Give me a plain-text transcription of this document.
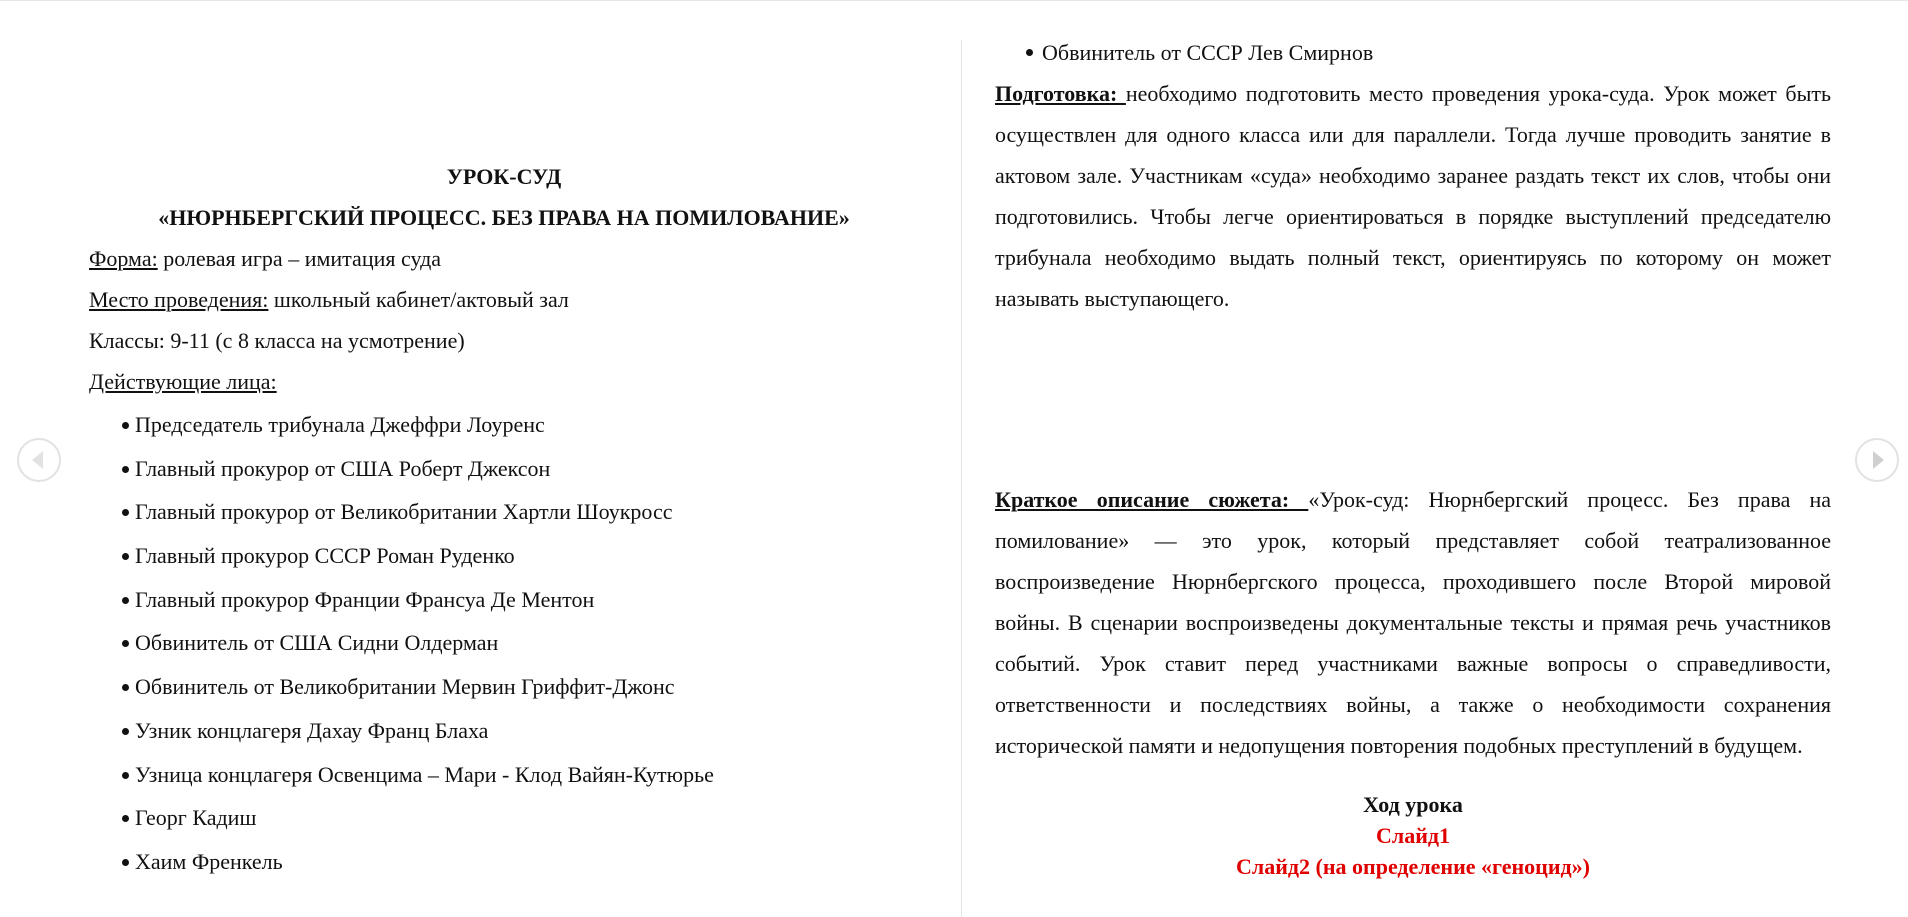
УРОК-СУД

«НЮРНБЕРГСКИЙ ПРОЦЕСС. БЕЗ ПРАВА НА ПОМИЛОВАНИЕ»

Форма: ролевая игра – имитация суда

Место проведения: школьный кабинет/актовый зал

Классы: 9-11 (с 8 класса на усмотрение)

Действующие лица:

Председатель трибунала Джеффри Лоуренс
Главный прокурор от США Роберт Джексон
Главный прокурор от Великобритании Хартли Шоукросс
Главный прокурор СССР Роман Руденко
Главный прокурор Франции Франсуа Де Ментон
Обвинитель от США Сидни Олдерман
Обвинитель от Великобритании Мервин Гриффит-Джонс
Узник концлагеря Дахау Франц Блаха
Узница концлагеря Освенцима – Мари - Клод Вайян-Кутюрье
Георг Кадиш
Хаим Френкель
Обвинитель от СССР Лев Смирнов

Подготовка: необходимо подготовить место проведения урока-суда. Урок может быть осуществлен для одного класса или для параллели. Тогда лучше проводить занятие в актовом зале. Участникам «суда» необходимо заранее раздать текст их слов, чтобы они подготовились. Чтобы легче ориентироваться в порядке выступлений председателю трибунала необходимо выдать полный текст, ориентируясь по которому он может называть выступающего.

Краткое описание сюжета: «Урок-суд: Нюрнбергский процесс. Без права на помилование» — это урок, который представляет собой театрализованное воспроизведение Нюрнбергского процесса, проходившего после Второй мировой войны. В сценарии воспроизведены документальные тексты и прямая речь участников событий. Урок ставит перед участниками важные вопросы о справедливости, ответственности и последствиях войны, а также о необходимости сохранения исторической памяти и недопущения повторения подобных преступлений в будущем.

Ход урока

Слайд1

Слайд2 (на определение «геноцид»)
